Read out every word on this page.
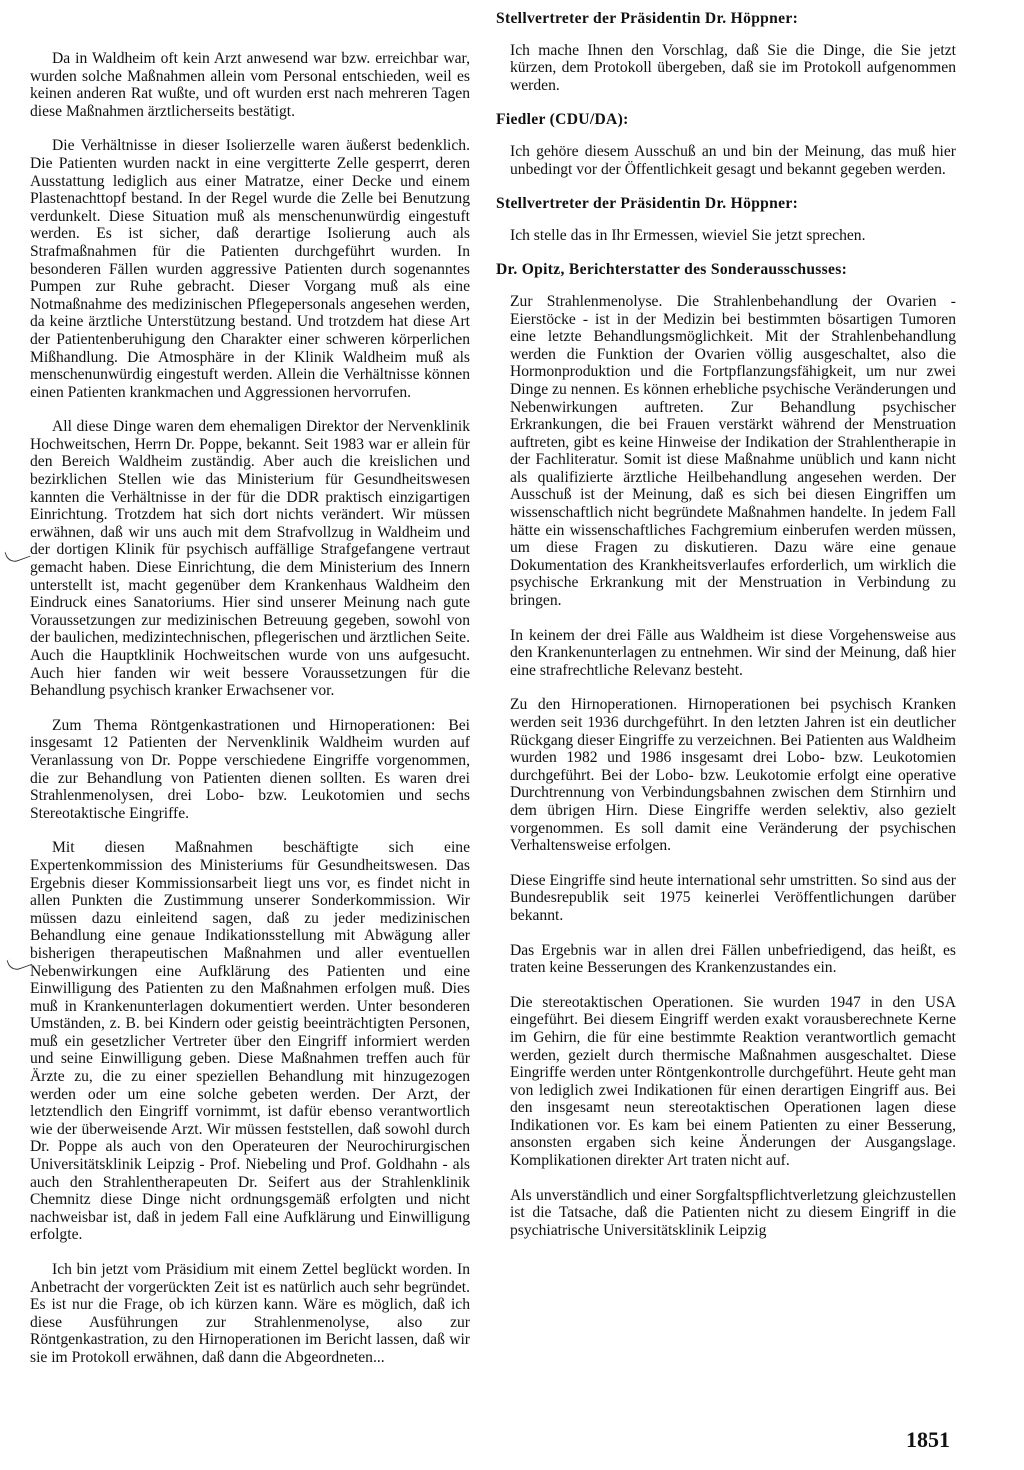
Da in Waldheim oft kein Arzt anwesend war bzw. erreichbar war, wurden solche Maßnahmen allein vom Personal entschieden, weil es keinen anderen Rat wußte, und oft wurden erst nach mehreren Tagen diese Maßnahmen ärztlicherseits bestätigt.

Die Verhältnisse in dieser Isolierzelle waren äußerst bedenklich. Die Patienten wurden nackt in eine vergitterte Zelle gesperrt, deren Ausstattung lediglich aus einer Matratze, einer Decke und einem Plastenachttopf bestand. In der Regel wurde die Zelle bei Benutzung verdunkelt. Diese Situation muß als menschenunwürdig eingestuft werden. Es ist sicher, daß derartige Isolierung auch als Strafmaßnahmen für die Patienten durchgeführt wurden. In besonderen Fällen wurden aggressive Patienten durch sogenanntes Pumpen zur Ruhe gebracht. Dieser Vorgang muß als eine Notmaßnahme des medizinischen Pflegepersonals angesehen werden, da keine ärztliche Unterstützung bestand. Und trotzdem hat diese Art der Patientenberuhigung den Charakter einer schweren körperlichen Mißhandlung. Die Atmosphäre in der Klinik Waldheim muß als menschenunwürdig eingestuft werden. Allein die Verhältnisse können einen Patienten krankmachen und Aggressionen hervorrufen.

All diese Dinge waren dem ehemaligen Direktor der Nervenklinik Hochweitschen, Herrn Dr. Poppe, bekannt. Seit 1983 war er allein für den Bereich Waldheim zuständig. Aber auch die kreislichen und bezirklichen Stellen wie das Ministerium für Gesundheitswesen kannten die Verhältnisse in der für die DDR praktisch einzigartigen Einrichtung. Trotzdem hat sich dort nichts verändert. Wir müssen erwähnen, daß wir uns auch mit dem Strafvollzug in Waldheim und der dortigen Klinik für psychisch auffällige Strafgefangene vertraut gemacht haben. Diese Einrichtung, die dem Ministerium des Innern unterstellt ist, macht gegenüber dem Krankenhaus Waldheim den Eindruck eines Sanatoriums. Hier sind unserer Meinung nach gute Voraussetzungen zur medizinischen Betreuung gegeben, sowohl von der baulichen, medizintechnischen, pflegerischen und ärztlichen Seite. Auch die Hauptklinik Hochweitschen wurde von uns aufgesucht. Auch hier fanden wir weit bessere Voraussetzungen für die Behandlung psychisch kranker Erwachsener vor.

Zum Thema Röntgenkastrationen und Hirnoperationen: Bei insgesamt 12 Patienten der Nervenklinik Waldheim wurden auf Veranlassung von Dr. Poppe verschiedene Eingriffe vorgenommen, die zur Behandlung von Patienten dienen sollten. Es waren drei Strahlenmenolysen, drei Lobo- bzw. Leukotomien und sechs Stereotaktische Eingriffe.

Mit diesen Maßnahmen beschäftigte sich eine Expertenkommission des Ministeriums für Gesundheitswesen. Das Ergebnis dieser Kommissionsarbeit liegt uns vor, es findet nicht in allen Punkten die Zustimmung unserer Sonderkommission. Wir müssen dazu einleitend sagen, daß zu jeder medizinischen Behandlung eine genaue Indikationsstellung mit Abwägung aller bisherigen therapeutischen Maßnahmen und aller eventuellen Nebenwirkungen eine Aufklärung des Patienten und eine Einwilligung des Patienten zu den Maßnahmen erfolgen muß. Dies muß in Krankenunterlagen dokumentiert werden. Unter besonderen Umständen, z. B. bei Kindern oder geistig beeinträchtigten Personen, muß ein gesetzlicher Vertreter über den Eingriff informiert werden und seine Einwilligung geben. Diese Maßnahmen treffen auch für Ärzte zu, die zu einer speziellen Behandlung mit hinzugezogen werden oder um eine solche gebeten werden. Der Arzt, der letztendlich den Eingriff vornimmt, ist dafür ebenso verantwortlich wie der überweisende Arzt. Wir müssen feststellen, daß sowohl durch Dr. Poppe als auch von den Operateuren der Neurochirurgischen Universitätsklinik Leipzig - Prof. Niebeling und Prof. Goldhahn - als auch den Strahlentherapeuten Dr. Seifert aus der Strahlenklinik Chemnitz diese Dinge nicht ordnungsgemäß erfolgten und nicht nachweisbar ist, daß in jedem Fall eine Aufklärung und Einwilligung erfolgte.

Ich bin jetzt vom Präsidium mit einem Zettel beglückt worden. In Anbetracht der vorgerückten Zeit ist es natürlich auch sehr begründet. Es ist nur die Frage, ob ich kürzen kann. Wäre es möglich, daß ich diese Ausführungen zur Strahlenmenolyse, also zur Röntgenkastration, zu den Hirnoperationen im Bericht lassen, daß wir sie im Protokoll erwähnen, daß dann die Abgeordneten...

Stellvertreter der Präsidentin Dr. Höppner:

Ich mache Ihnen den Vorschlag, daß Sie die Dinge, die Sie jetzt kürzen, dem Protokoll übergeben, daß sie im Protokoll aufgenommen werden.

Fiedler (CDU/DA):

Ich gehöre diesem Ausschuß an und bin der Meinung, das muß hier unbedingt vor der Öffentlichkeit gesagt und bekannt gegeben werden.

Stellvertreter der Präsidentin Dr. Höppner:

Ich stelle das in Ihr Ermessen, wieviel Sie jetzt sprechen.

Dr. Opitz, Berichterstatter des Sonderausschusses:

Zur Strahlenmenolyse. Die Strahlenbehandlung der Ovarien - Eierstöcke - ist in der Medizin bei bestimmten bösartigen Tumoren eine letzte Behandlungsmöglichkeit. Mit der Strahlenbehandlung werden die Funktion der Ovarien völlig ausgeschaltet, also die Hormonproduktion und die Fortpflanzungsfähigkeit, um nur zwei Dinge zu nennen. Es können erhebliche psychische Veränderungen und Nebenwirkungen auftreten. Zur Behandlung psychischer Erkrankungen, die bei Frauen verstärkt während der Menstruation auftreten, gibt es keine Hinweise der Indikation der Strahlentherapie in der Fachliteratur. Somit ist diese Maßnahme unüblich und kann nicht als qualifizierte ärztliche Heilbehandlung angesehen werden. Der Ausschuß ist der Meinung, daß es sich bei diesen Eingriffen um wissenschaftlich nicht begründete Maßnahmen handelte. In jedem Fall hätte ein wissenschaftliches Fachgremium einberufen werden müssen, um diese Fragen zu diskutieren. Dazu wäre eine genaue Dokumentation des Krankheitsverlaufes erforderlich, um wirklich die psychische Erkrankung mit der Menstruation in Verbindung zu bringen.

In keinem der drei Fälle aus Waldheim ist diese Vorgehensweise aus den Krankenunterlagen zu entnehmen. Wir sind der Meinung, daß hier eine strafrechtliche Relevanz besteht.

Zu den Hirnoperationen. Hirnoperationen bei psychisch Kranken werden seit 1936 durchgeführt. In den letzten Jahren ist ein deutlicher Rückgang dieser Eingriffe zu verzeichnen. Bei Patienten aus Waldheim wurden 1982 und 1986 insgesamt drei Lobo- bzw. Leukotomien durchgeführt. Bei der Lobo- bzw. Leukotomie erfolgt eine operative Durchtrennung von Verbindungsbahnen zwischen dem Stirnhirn und dem übrigen Hirn. Diese Eingriffe werden selektiv, also gezielt vorgenommen. Es soll damit eine Veränderung der psychischen Verhaltensweise erfolgen.

Diese Eingriffe sind heute international sehr umstritten. So sind aus der Bundesrepublik seit 1975 keinerlei Veröffentlichungen darüber bekannt.

Das Ergebnis war in allen drei Fällen unbefriedigend, das heißt, es traten keine Besserungen des Krankenzustandes ein.

Die stereotaktischen Operationen. Sie wurden 1947 in den USA eingeführt. Bei diesem Eingriff werden exakt vorausberechnete Kerne im Gehirn, die für eine bestimmte Reaktion verantwortlich gemacht werden, gezielt durch thermische Maßnahmen ausgeschaltet. Diese Eingriffe werden unter Röntgenkontrolle durchgeführt. Heute geht man von lediglich zwei Indikationen für einen derartigen Eingriff aus. Bei den insgesamt neun stereotaktischen Operationen lagen diese Indikationen vor. Es kam bei einem Patienten zu einer Besserung, ansonsten ergaben sich keine Änderungen der Ausgangslage. Komplikationen direkter Art traten nicht auf.

Als unverständlich und einer Sorgfaltspflichtverletzung gleichzustellen ist die Tatsache, daß die Patienten nicht zu diesem Eingriff in die psychiatrische Universitätsklinik Leipzig

1851
